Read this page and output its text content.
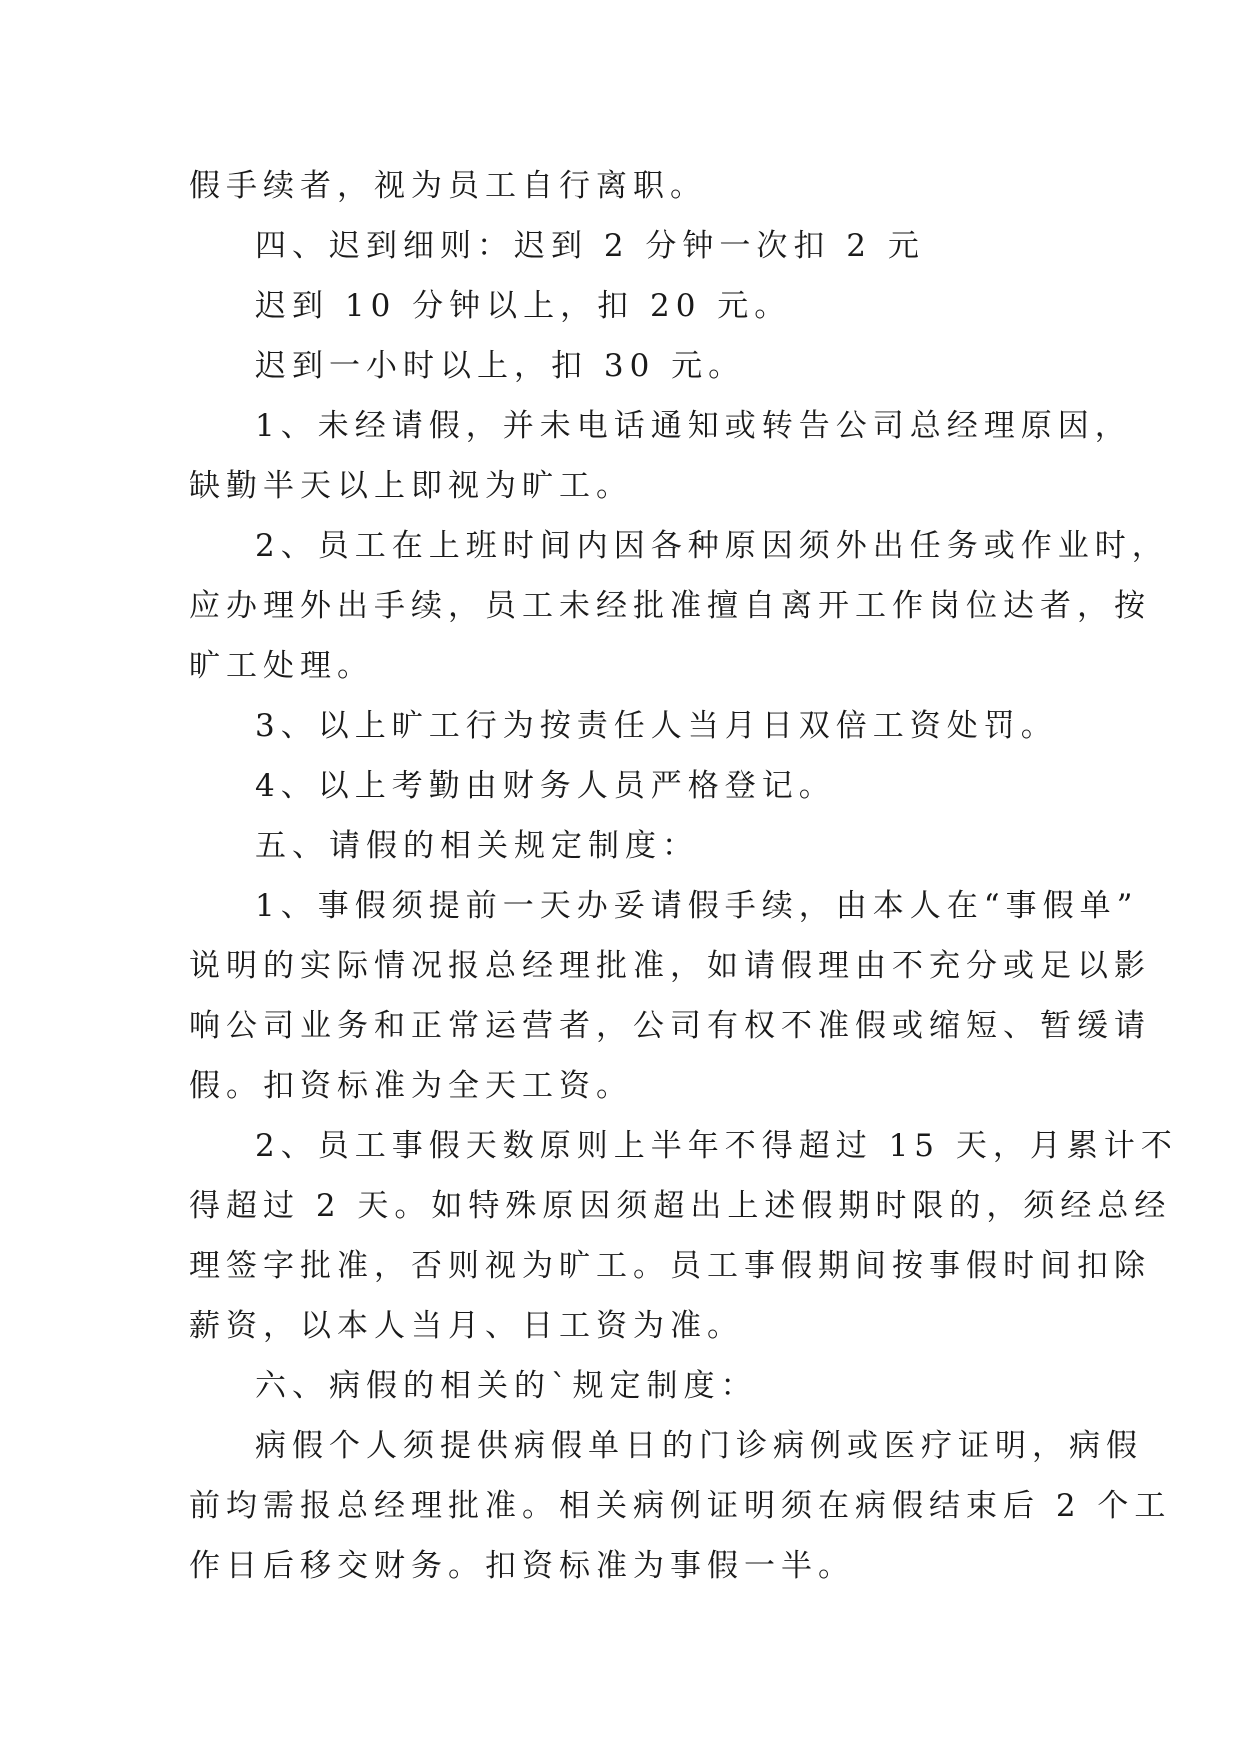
假手续者，视为员工自行离职。
四、迟到细则：迟到 2 分钟一次扣 2 元
迟到 10 分钟以上，扣 20 元。
迟到一小时以上，扣 30 元。
1、未经请假，并未电话通知或转告公司总经理原因，
缺勤半天以上即视为旷工。
2、员工在上班时间内因各种原因须外出任务或作业时，
应办理外出手续，员工未经批准擅自离开工作岗位达者，按
旷工处理。
3、以上旷工行为按责任人当月日双倍工资处罚。
4、以上考勤由财务人员严格登记。
五、请假的相关规定制度：
1、事假须提前一天办妥请假手续，由本人在“事假单”
说明的实际情况报总经理批准，如请假理由不充分或足以影
响公司业务和正常运营者，公司有权不准假或缩短、暂缓请
假。扣资标准为全天工资。
2、员工事假天数原则上半年不得超过 15 天，月累计不
得超过 2 天。如特殊原因须超出上述假期时限的，须经总经
理签字批准，否则视为旷工。员工事假期间按事假时间扣除
薪资，以本人当月、日工资为准。
六、病假的相关的`规定制度：
病假个人须提供病假单日的门诊病例或医疗证明，病假
前均需报总经理批准。相关病例证明须在病假结束后 2 个工
作日后移交财务。扣资标准为事假一半。
